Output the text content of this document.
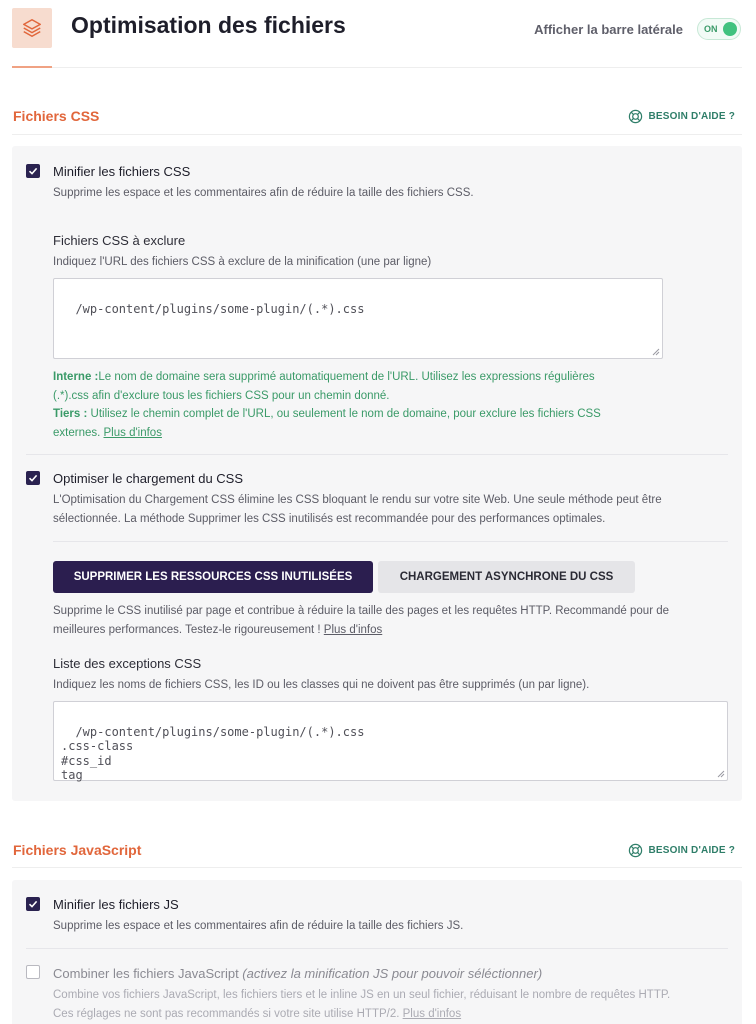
Optimisation des fichiers	Afficher la barre latérale ON
Fichiers CSS	BESOIN D'AIDE ?
Minifier les fichiers CSS
Supprime les espace et les commentaires afin de réduire la taille des fichiers CSS.
Fichiers CSS à exclure
Indiquez l'URL des fichiers CSS à exclure de la minification (une par ligne)

/wp-content/plugins/some-plugin/(.*).css

Interne :Le nom de domaine sera supprimé automatiquement de l'URL. Utilisez les expressions régulières
(.*).css afin d'exclure tous les fichiers CSS pour un chemin donné.
Tiers : Utilisez le chemin complet de l'URL, ou seulement le nom de domaine, pour exclure les fichiers CSS
externes. Plus d'infos
Optimiser le chargement du CSS
L'Optimisation du Chargement CSS élimine les CSS bloquant le rendu sur votre site Web. Une seule méthode peut être
sélectionnée. La méthode Supprimer les CSS inutilisés est recommandée pour des performances optimales.
SUPPRIMER LES RESSOURCES CSS INUTILISÉES	CHARGEMENT ASYNCHRONE DU CSS
Supprime le CSS inutilisé par page et contribue à réduire la taille des pages et les requêtes HTTP. Recommandé pour de
meilleures performances. Testez-le rigoureusement ! Plus d'infos
Liste des exceptions CSS
Indiquez les noms de fichiers CSS, les ID ou les classes qui ne doivent pas être supprimés (un par ligne).

/wp-content/plugins/some-plugin/(.*).css
.css-class
#css_id
tag

Fichiers JavaScript	BESOIN D'AIDE ?
Minifier les fichiers JS
Supprime les espace et les commentaires afin de réduire la taille des fichiers JS.
Combiner les fichiers JavaScript (activez la minification JS pour pouvoir séléctionner)
Combine vos fichiers JavaScript, les fichiers tiers et le inline JS en un seul fichier, réduisant le nombre de requêtes HTTP.
Ces réglages ne sont pas recommandés si votre site utilise HTTP/2. Plus d'infos
